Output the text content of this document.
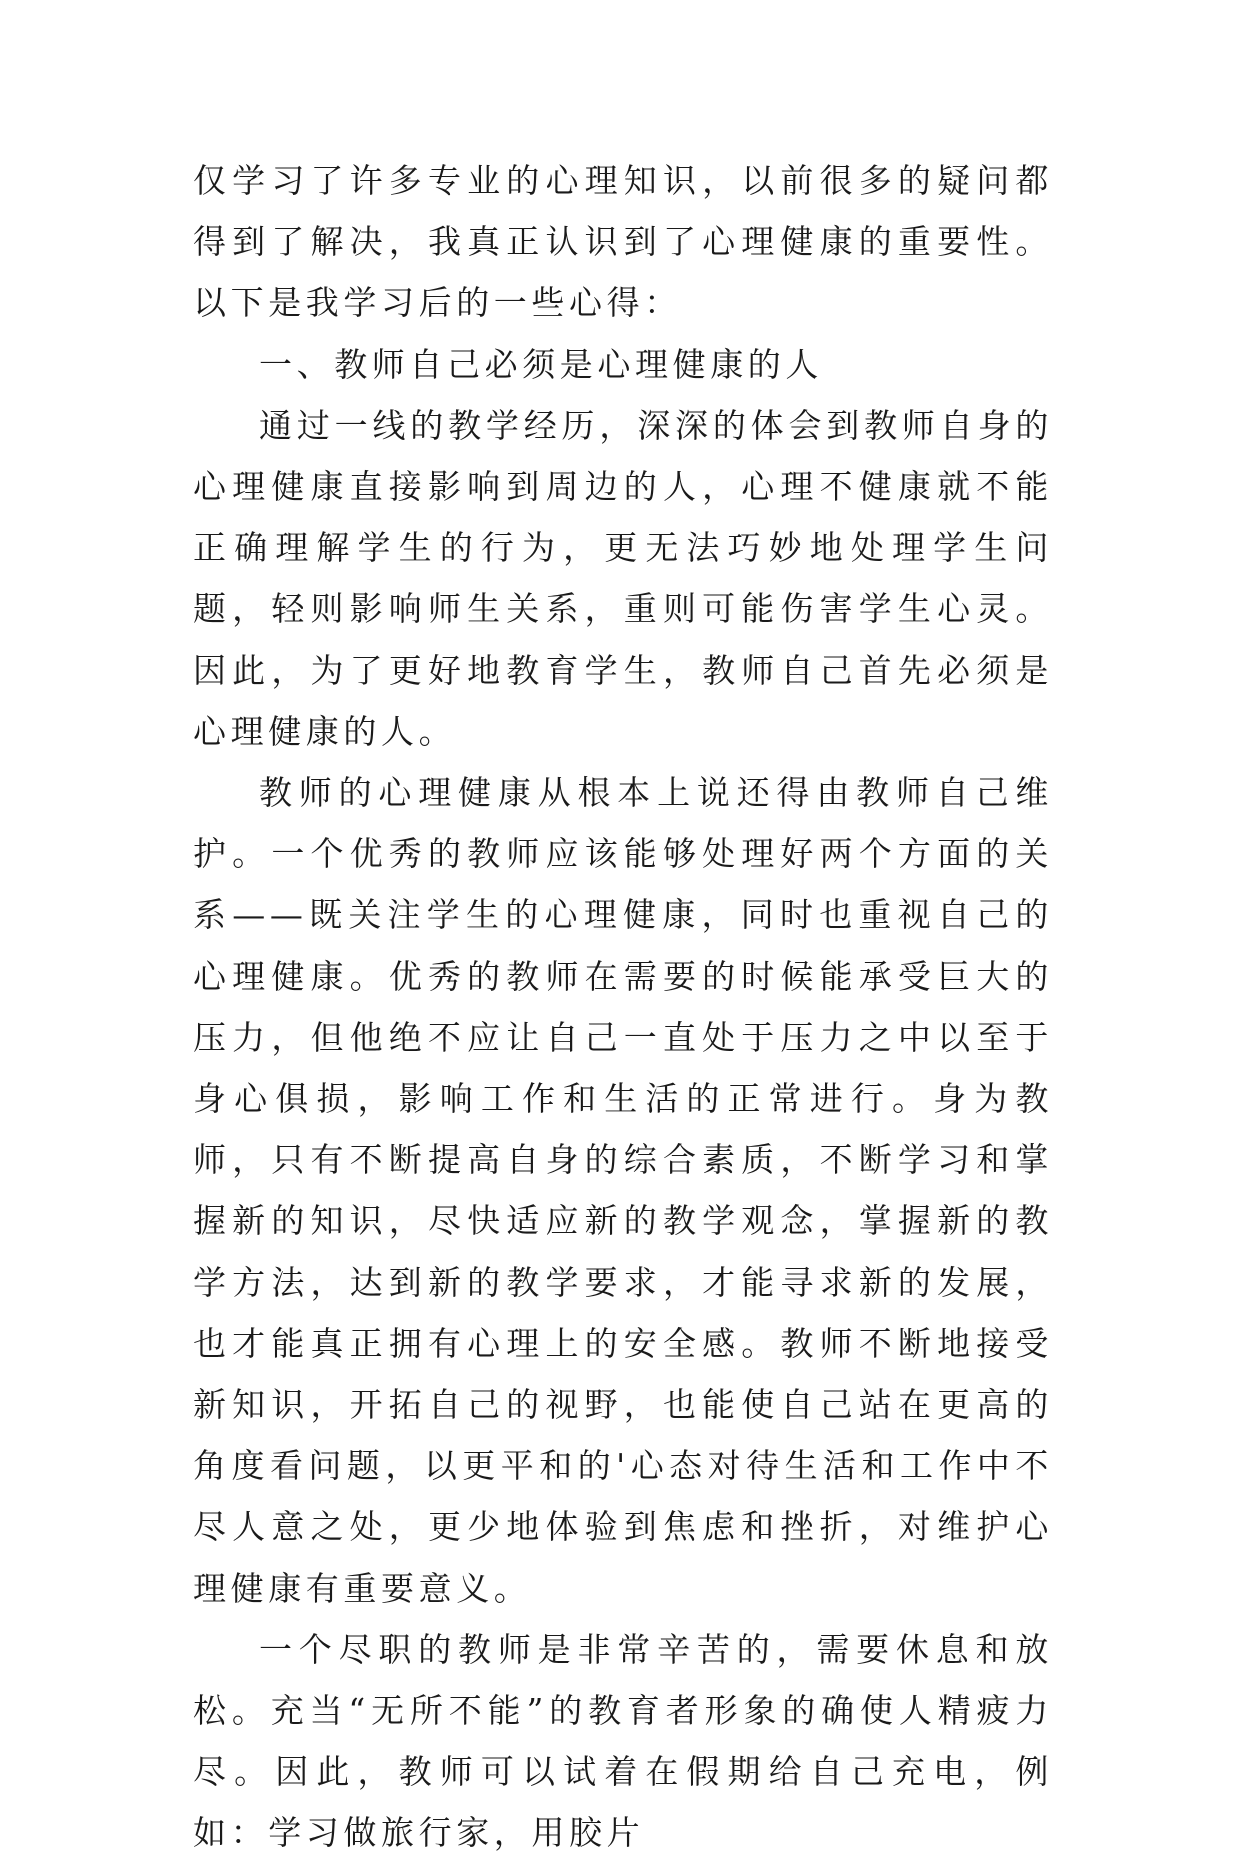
仅学习了许多专业的心理知识，以前很多的疑问都得到了解决，我真正认识到了心理健康的重要性。以下是我学习后的一些心得：

一、教师自己必须是心理健康的人

通过一线的教学经历，深深的体会到教师自身的心理健康直接影响到周边的人，心理不健康就不能正确理解学生的行为，更无法巧妙地处理学生问题，轻则影响师生关系，重则可能伤害学生心灵。因此，为了更好地教育学生，教师自己首先必须是心理健康的人。

教师的心理健康从根本上说还得由教师自己维护。一个优秀的教师应该能够处理好两个方面的关系——既关注学生的心理健康，同时也重视自己的心理健康。优秀的教师在需要的时候能承受巨大的压力，但他绝不应让自己一直处于压力之中以至于身心俱损，影响工作和生活的正常进行。身为教师，只有不断提高自身的综合素质，不断学习和掌握新的知识，尽快适应新的教学观念，掌握新的教学方法，达到新的教学要求，才能寻求新的发展，也才能真正拥有心理上的安全感。教师不断地接受新知识，开拓自己的视野，也能使自己站在更高的角度看问题，以更平和的'心态对待生活和工作中不尽人意之处，更少地体验到焦虑和挫折，对维护心理健康有重要意义。

一个尽职的教师是非常辛苦的，需要休息和放松。充当“无所不能”的教育者形象的确使人精疲力尽。因此，教师可以试着在假期给自己充电，例如：学习做旅行家，用胶片
